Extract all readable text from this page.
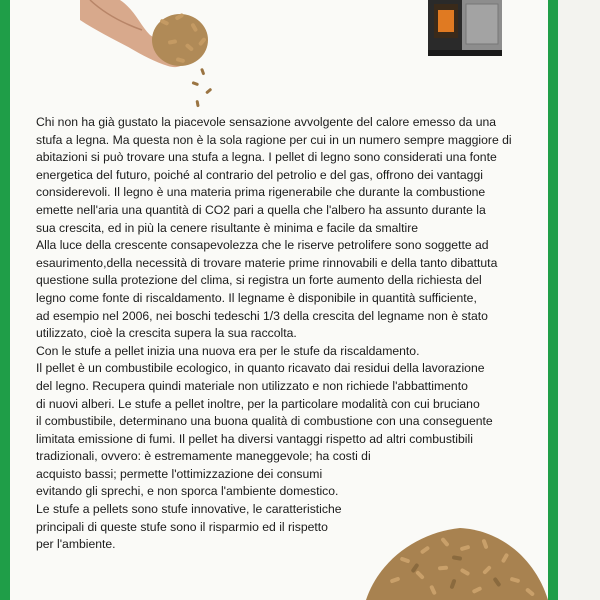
Chi non ha già gustato la piacevole sensazione avvolgente del calore emesso da una
stufa a legna. Ma questa non è la sola ragione per cui in un numero sempre maggiore di
abitazioni si può trovare una stufa a legna. I pellet di legno sono considerati una fonte
energetica del futuro, poiché al contrario del petrolio e del gas, offrono dei vantaggi
considerevoli. Il legno è una materia prima rigenerabile che durante la combustione
emette nell'aria una quantità di CO2 pari a quella che l'albero ha assunto durante la
sua crescita, ed in più la cenere risultante è minima e facile da smaltire
Alla luce della crescente consapevolezza che le riserve petrolifere sono soggette ad
esaurimento,della necessità di trovare materie prime rinnovabili e della tanto dibattuta
questione sulla protezione del clima, si registra un forte aumento della richiesta del
legno come fonte di riscaldamento. Il legname è disponibile in quantità sufficiente,
ad esempio nel 2006, nei boschi tedeschi 1/3 della crescita del legname non è stato
utilizzato, cioè la crescita supera la sua raccolta.
Con le stufe a pellet inizia una nuova era per le stufe da riscaldamento.
Il pellet è un combustibile ecologico, in quanto ricavato dai residui della lavorazione
del legno. Recupera quindi materiale non utilizzato e non richiede l'abbattimento
di nuovi alberi. Le stufe a pellet inoltre, per la particolare modalità con cui bruciano
il combustibile, determinano una buona qualità di combustione con una conseguente
limitata emissione di fumi. Il pellet ha diversi vantaggi rispetto ad altri combustibili
tradizionali, ovvero: è estremamente maneggevole; ha costi di
acquisto bassi; permette l'ottimizzazione dei consumi
evitando gli sprechi, e non sporca l'ambiente domestico.
Le stufe a pellets sono stufe innovative, le caratteristiche
principali di queste stufe sono il risparmio ed il rispetto
per l'ambiente.
